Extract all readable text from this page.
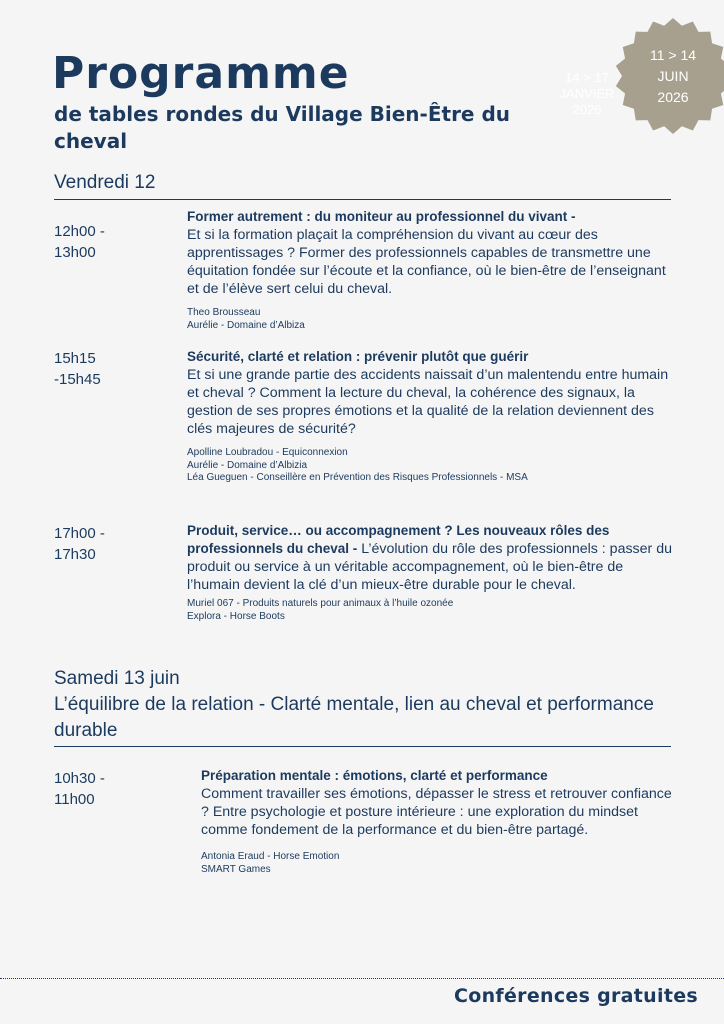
Programme
de tables rondes du Village Bien-Être du cheval
14 > 17
JANVIER
2026
11 > 14
JUIN
2026
Vendredi 12
12h00 -
13h00
Former autrement : du moniteur au professionnel du vivant -
Et si la formation plaçait la compréhension du vivant au cœur des apprentissages ? Former des professionnels capables de transmettre une équitation fondée sur l’écoute et la confiance, où le bien-être de l’enseignant et de l’élève sert celui du cheval.
Theo Brousseau
Aurélie - Domaine d’Albiza
15h15
-15h45
Sécurité, clarté et relation : prévenir plutôt que guérir
Et si une grande partie des accidents naissait d’un malentendu entre humain et cheval ? Comment la lecture du cheval, la cohérence des signaux, la gestion de ses propres émotions et la qualité de la relation deviennent des clés majeures de sécurité?
Apolline Loubradou - Equiconnexion
Aurélie - Domaine d’Albizia
Léa Gueguen - Conseillère en Prévention des Risques Professionnels - MSA
17h00 -
17h30
Produit, service… ou accompagnement ? Les nouveaux rôles des professionnels du cheval - L’évolution du rôle des professionnels : passer du produit ou service à un véritable accompagnement, où le bien-être de l’humain devient la clé d’un mieux-être durable pour le cheval.
Muriel 067 - Produits naturels pour animaux à l’huile ozonée
Explora - Horse Boots
Samedi 13 juin
L’équilibre de la relation - Clarté mentale, lien au cheval et performance durable
10h30 -
11h00
Préparation mentale : émotions, clarté et performance
Comment travailler ses émotions, dépasser le stress et retrouver confiance ? Entre psychologie et posture intérieure : une exploration du mindset comme fondement de la performance et du bien-être partagé.
Antonia Eraud - Horse Emotion
SMART Games
Conférences gratuites
